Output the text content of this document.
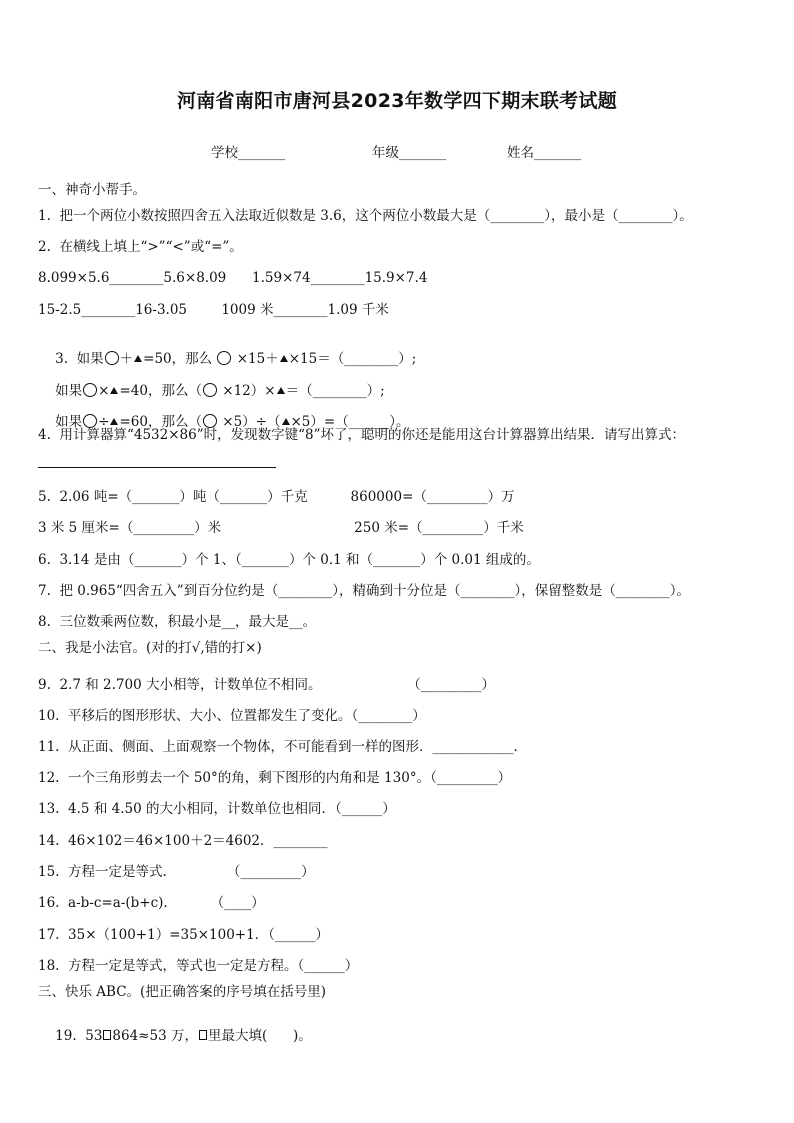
河南省南阳市唐河县2023年数学四下期末联考试题
学校_______	年级_______	姓名_______
一、神奇小帮手。
1.  把一个两位小数按照四舍五入法取近似数是 3.6，这个两位小数最大是（________），最小是（________）。
2.  在横线上填上“>”“<”或“=”。
8.099×5.6________5.6×8.09      1.59×74________15.9×7.4
15-2.5________16-3.05        1009 米________1.09 千米

3.  如果 ＋ =50，那么  ×15＋ ×15＝（________）;

如果 × =40，那么（ ×12）× ＝（________）;

如果 ÷ =60，那么（ ×5）÷（ ×5）=（______）。

4.  用计算器算“4532×86”时，发现数字键“8”坏了，聪明的你还是能用这台计算器算出结果．请写出算式：
5.  2.06 吨=（_______）吨（_______）千克          860000=（_________）万
3 米 5 厘米=（_________）米                               250 米=（_________）千米
6.  3.14 是由（_______）个 1、（_______）个 0.1 和（_______）个 0.01 组成的。
7.  把 0.965“四舍五入”到百分位约是（________），精确到十分位是（________），保留整数是（________）。
8.  三位数乘两位数，积最小是__，最大是__。
二、我是小法官。(对的打√,错的打×)
9.  2.7 和 2.700 大小相等，计数单位不相同。                    （_________）
10.  平移后的图形形状、大小、位置都发生了变化。（________）
11.  从正面、侧面、上面观察一个物体，不可能看到一样的图形．____________．
12.  一个三角形剪去一个 50°的角，剩下图形的内角和是 130°。（_________）
13.  4.5 和 4.50 的大小相同，计数单位也相同．（______）
14.  46×102＝46×100＋2＝4602．________
15.  方程一定是等式.              （_________）
16.  a-b-c=a-(b+c).          （____）
17.  35×（100+1）=35×100+1．（______）
18.  方程一定是等式，等式也一定是方程。（______）
三、快乐 ABC。(把正确答案的序号填在括号里)

19.  53 864≈53 万， 里最大填(      )。
